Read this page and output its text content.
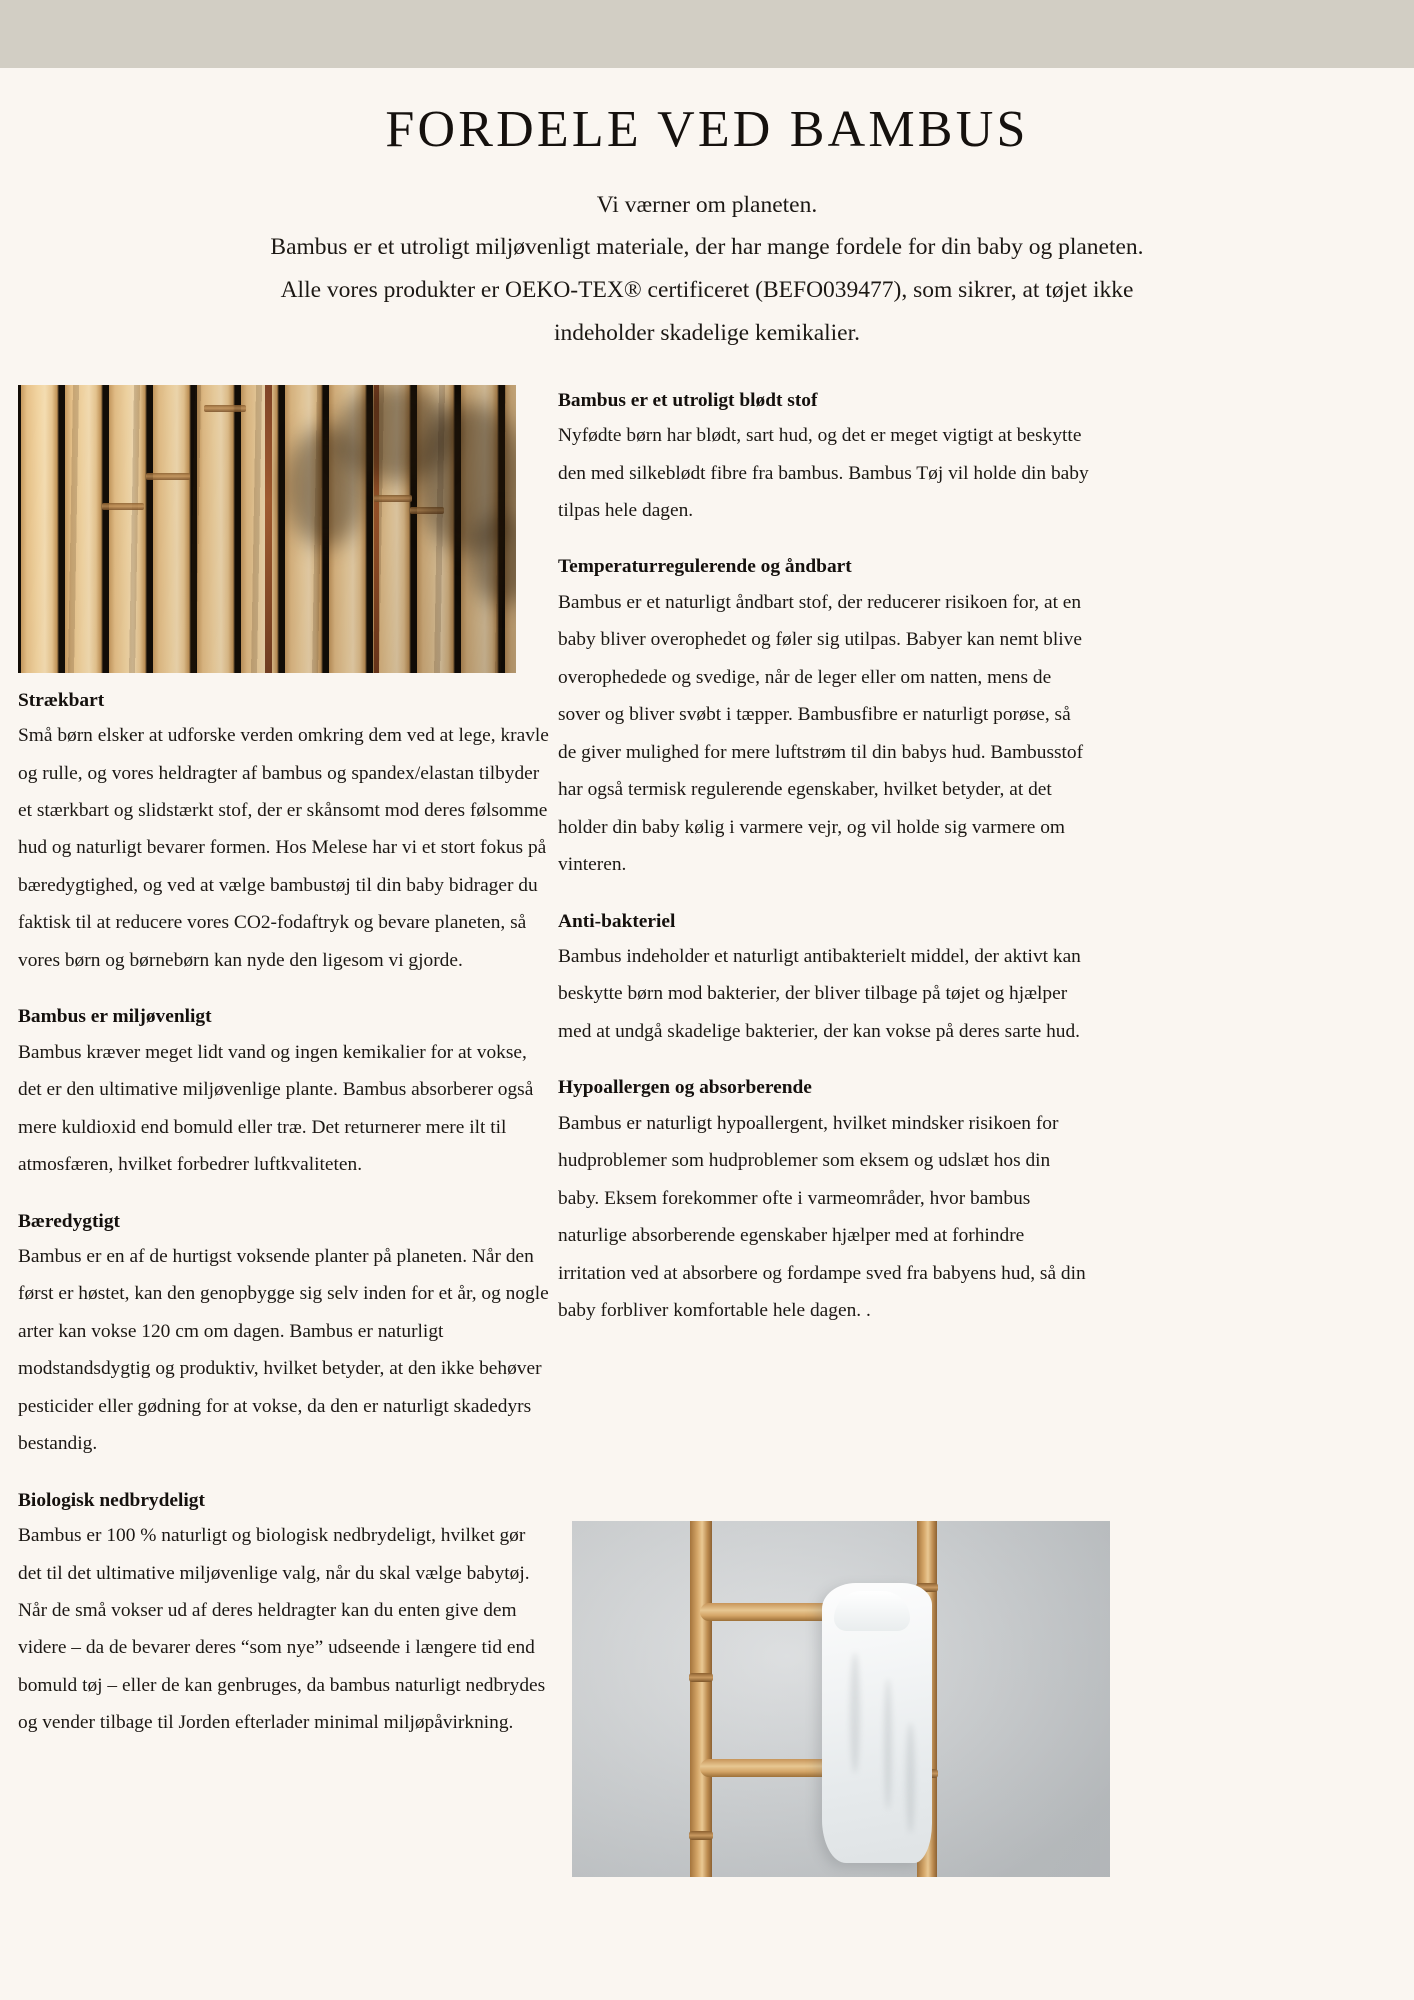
FORDELE VED BAMBUS

Vi værner om planeten.

Bambus er et utroligt miljøvenligt materiale, der har mange fordele for din baby og planeten.

Alle vores produkter er OEKO-TEX® certificeret (BEFO039477), som sikrer, at tøjet ikke

indeholder skadelige kemikalier.

Strækbart

Små børn elsker at udforske verden omkring dem ved at lege, kravle og rulle, og vores heldragter af bambus og spandex/elastan tilbyder et stærkbart og slidstærkt stof, der er skånsomt mod deres følsomme hud og naturligt bevarer formen. Hos Melese har vi et stort fokus på bæredygtighed, og ved at vælge bambustøj til din baby bidrager du faktisk til at reducere vores CO2-fodaftryk og bevare planeten, så vores børn og børnebørn kan nyde den ligesom vi gjorde.

Bambus er miljøvenligt

Bambus kræver meget lidt vand og ingen kemikalier for at vokse, det er den ultimative miljøvenlige plante. Bambus absorberer også mere kuldioxid end bomuld eller træ. Det returnerer mere ilt til atmosfæren, hvilket forbedrer luftkvaliteten.

Bæredygtigt

Bambus er en af de hurtigst voksende planter på planeten. Når den først er høstet, kan den genopbygge sig selv inden for et år, og nogle arter kan vokse 120 cm om dagen. Bambus er naturligt modstandsdygtig og produktiv, hvilket betyder, at den ikke behøver pesticider eller gødning for at vokse, da den er naturligt skadedyrs bestandig.

Biologisk nedbrydeligt

Bambus er 100 % naturligt og biologisk nedbrydeligt, hvilket gør det til det ultimative miljøvenlige valg, når du skal vælge babytøj. Når de små vokser ud af deres heldragter kan du enten give dem videre – da de bevarer deres “som nye” udseende i længere tid end bomuld tøj – eller de kan genbruges, da bambus naturligt nedbrydes og vender tilbage til Jorden efterlader minimal miljøpåvirkning.

Bambus er et utroligt blødt stof

Nyfødte børn har blødt, sart hud, og det er meget vigtigt at beskytte den med silkeblødt fibre fra bambus. Bambus Tøj vil holde din baby tilpas hele dagen.

Temperaturregulerende og åndbart

Bambus er et naturligt åndbart stof, der reducerer risikoen for, at en baby bliver overophedet og føler sig utilpas. Babyer kan nemt blive overophedede og svedige, når de leger eller om natten, mens de sover og bliver svøbt i tæpper. Bambusfibre er naturligt porøse, så de giver mulighed for mere luftstrøm til din babys hud. Bambusstof har også termisk regulerende egenskaber, hvilket betyder, at det holder din baby kølig i varmere vejr, og vil holde sig varmere om vinteren.

Anti-bakteriel

Bambus indeholder et naturligt antibakterielt middel, der aktivt kan beskytte børn mod bakterier, der bliver tilbage på tøjet og hjælper med at undgå skadelige bakterier, der kan vokse på deres sarte hud.

Hypoallergen og absorberende

Bambus er naturligt hypoallergent, hvilket mindsker risikoen for hudproblemer som hudproblemer som eksem og udslæt hos din baby. Eksem forekommer ofte i varmeområder, hvor bambus naturlige absorberende egenskaber hjælper med at forhindre irritation ved at absorbere og fordampe sved fra babyens hud, så din baby forbliver komfortable hele dagen. .
